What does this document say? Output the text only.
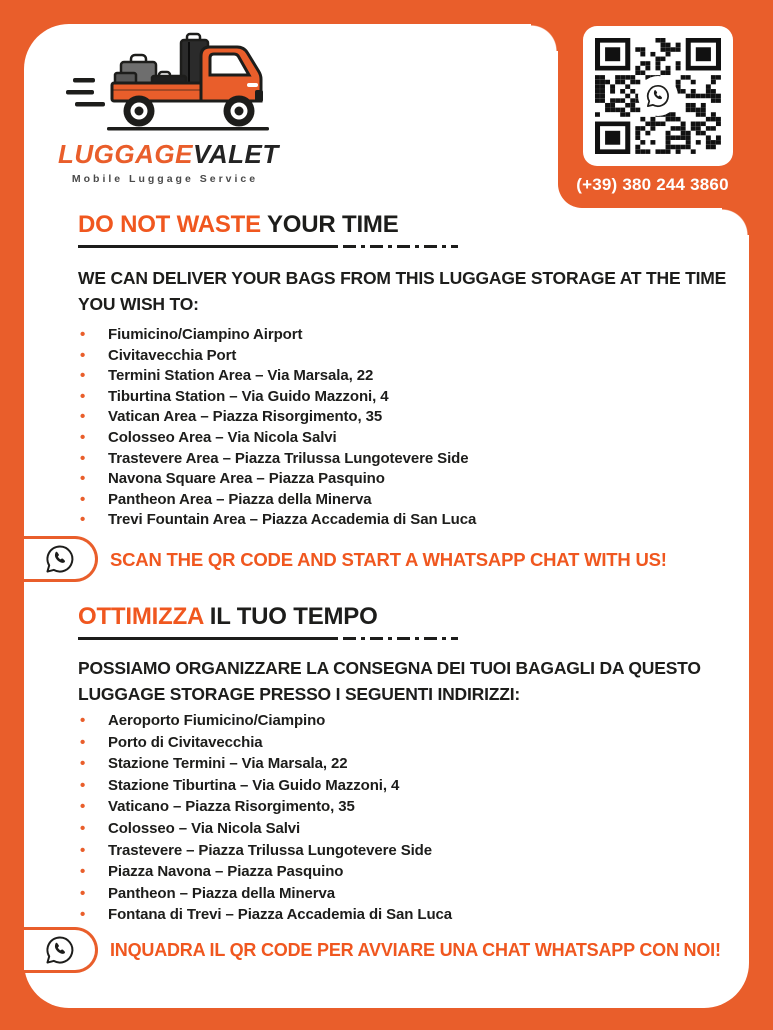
LUGGAGEVALET
Mobile Luggage Service	(+39) 380 244 3860
DO NOT WASTE YOUR TIME
WE CAN DELIVER YOUR BAGS FROM THIS LUGGAGE STORAGE AT THE TIME
YOU WISH TO:
• Fiumicino/Ciampino Airport
• Civitavecchia Port
• Termini Station Area – Via Marsala, 22
• Tiburtina Station – Via Guido Mazzoni, 4
• Vatican Area – Piazza Risorgimento, 35
• Colosseo Area – Via Nicola Salvi
• Trastevere Area – Piazza Trilussa Lungotevere Side
• Navona Square Area – Piazza Pasquino
• Pantheon Area – Piazza della Minerva
• Trevi Fountain Area – Piazza Accademia di San Luca
SCAN THE QR CODE AND START A WHATSAPP CHAT WITH US!
OTTIMIZZA IL TUO TEMPO
POSSIAMO ORGANIZZARE LA CONSEGNA DEI TUOI BAGAGLI DA QUESTO
LUGGAGE STORAGE PRESSO I SEGUENTI INDIRIZZI:
• Aeroporto Fiumicino/Ciampino
• Porto di Civitavecchia
• Stazione Termini – Via Marsala, 22
• Stazione Tiburtina – Via Guido Mazzoni, 4
• Vaticano – Piazza Risorgimento, 35
• Colosseo – Via Nicola Salvi
• Trastevere – Piazza Trilussa Lungotevere Side
• Piazza Navona – Piazza Pasquino
• Pantheon – Piazza della Minerva
• Fontana di Trevi – Piazza Accademia di San Luca
INQUADRA IL QR CODE PER AVVIARE UNA CHAT WHATSAPP CON NOI!
